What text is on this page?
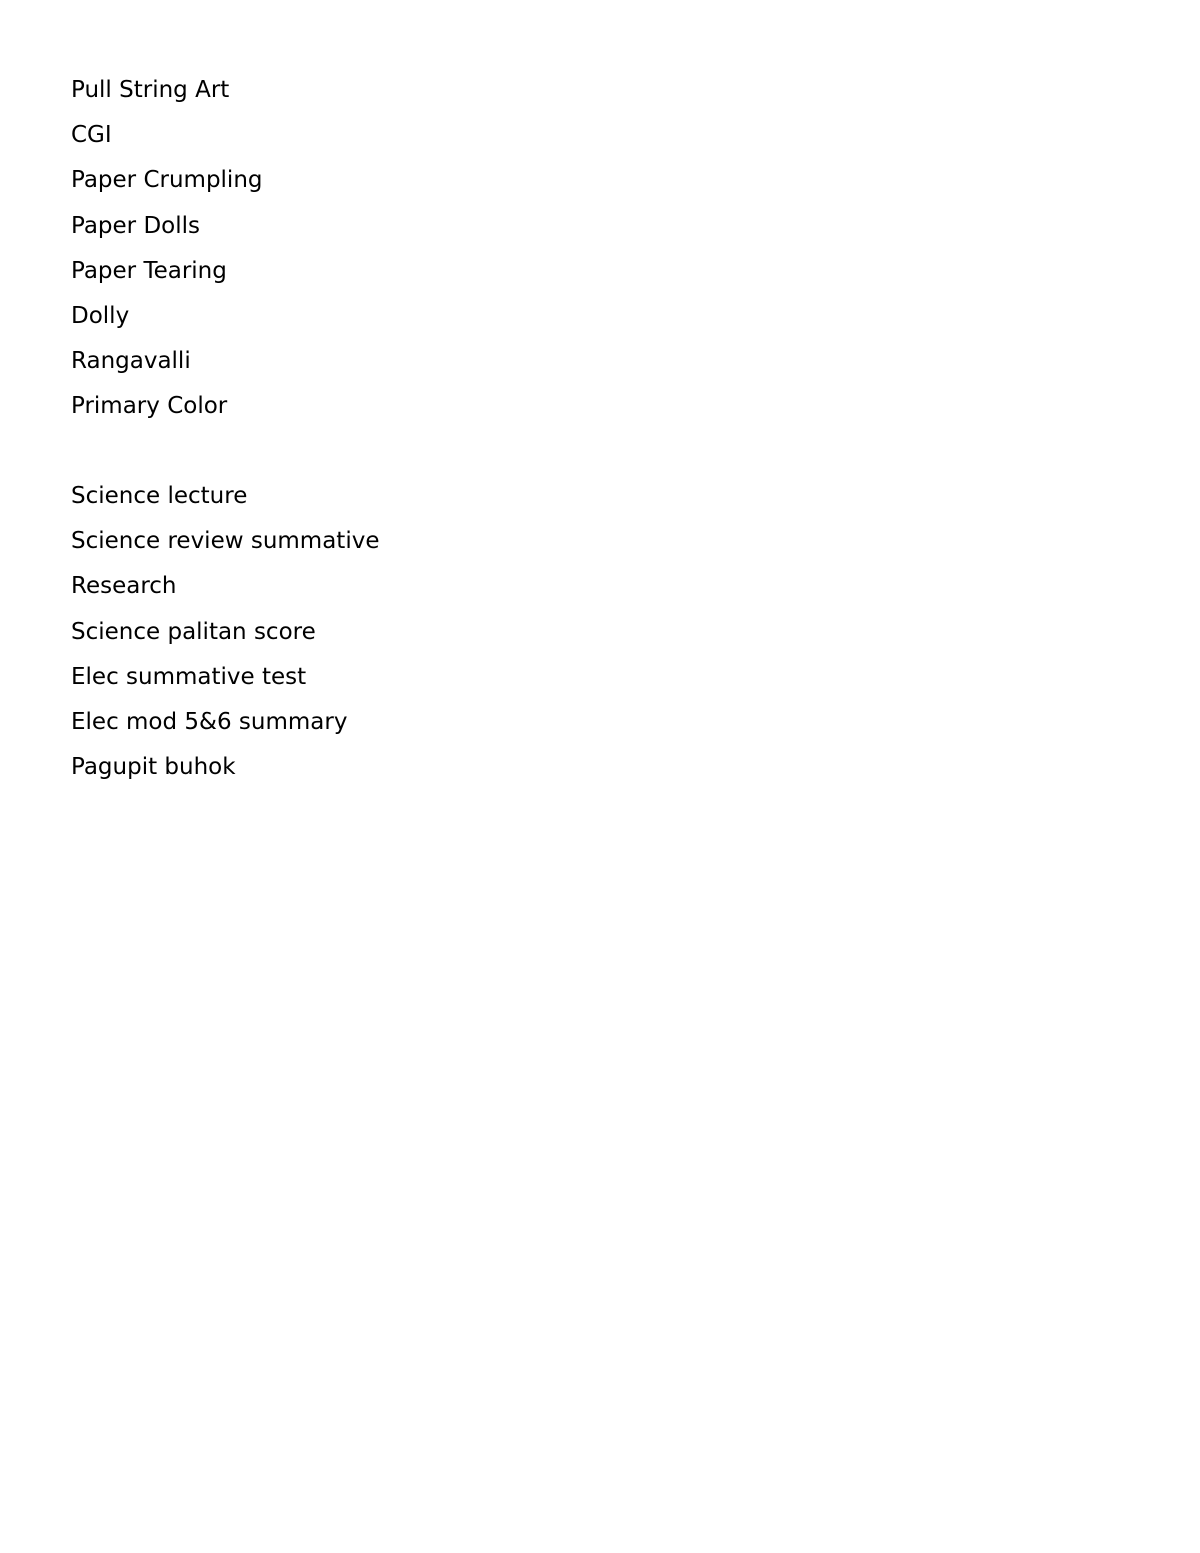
Pull String Art
CGI
Paper Crumpling
Paper Dolls
Paper Tearing
Dolly
Rangavalli
Primary Color
Science lecture
Science review summative
Research
Science palitan score
Elec summative test
Elec mod 5&6 summary
Pagupit buhok
